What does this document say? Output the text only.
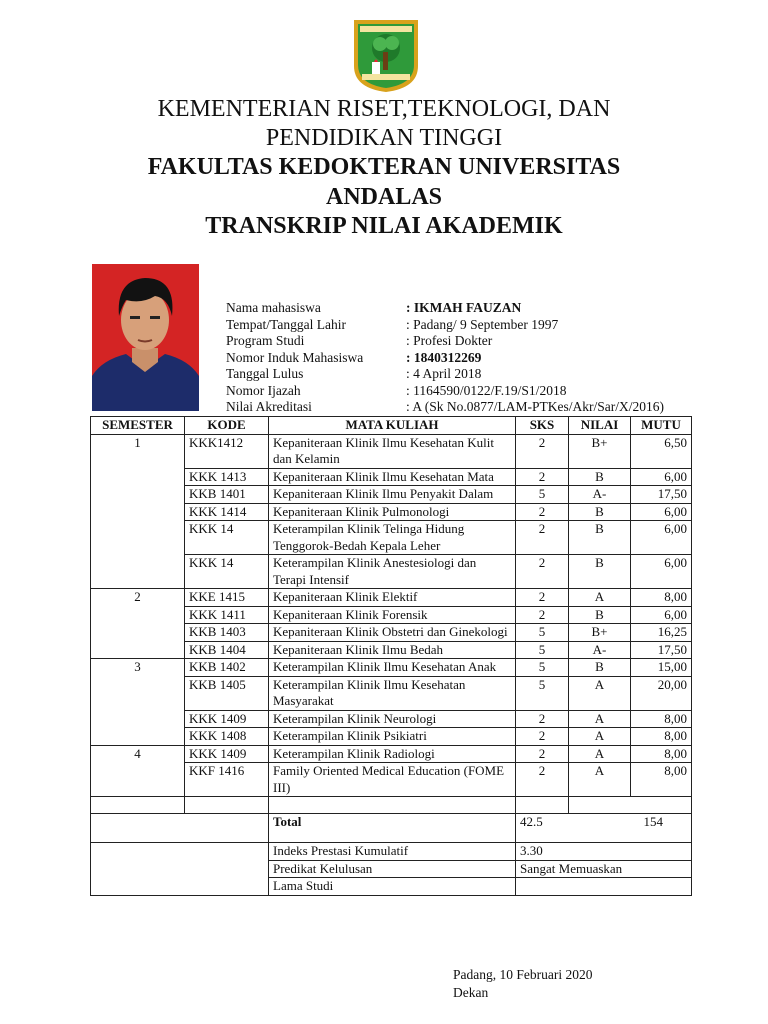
KEMENTERIAN RISET,TEKNOLOGI, DAN
PENDIDIKAN TINGGI
FAKULTAS KEDOKTERAN UNIVERSITAS
ANDALAS
TRANSKRIP NILAI AKADEMIK
Nama mahasiswa	: IKMAH FAUZAN
Tempat/Tanggal Lahir	: Padang/ 9 September 1997
Program Studi	: Profesi Dokter
Nomor Induk Mahasiswa	: 1840312269
Tanggal Lulus	: 4 April 2018
Nomor Ijazah	: 1164590/0122/F.19/S1/2018
Nilai Akreditasi	: A (Sk No.0877/LAM-PTKes/Akr/Sar/X/2016)
SEMESTER	KODE	MATA KULIAH	SKS	NILAI	MUTU
1	KKK1412	Kepaniteraan Klinik Ilmu Kesehatan Kulit dan Kelamin	2	B+	6,50
	KKK 1413	Kepaniteraan Klinik Ilmu Kesehatan Mata	2	B	6,00
	KKB 1401	Kepaniteraan Klinik Ilmu Penyakit Dalam	5	A-	17,50
	KKK 1414	Kepaniteraan Klinik Pulmonologi	2	B	6,00
	KKK 14	Keterampilan Klinik Telinga Hidung Tenggorok-Bedah Kepala Leher	2	B	6,00
	KKK 14	Keterampilan Klinik Anestesiologi dan Terapi Intensif	2	B	6,00
2	KKE 1415	Kepaniteraan Klinik Elektif	2	A	8,00
	KKK 1411	Kepaniteraan Klinik Forensik	2	B	6,00
	KKB 1403	Kepaniteraan Klinik Obstetri dan Ginekologi	5	B+	16,25
	KKB 1404	Kepaniteraan Klinik Ilmu Bedah	5	A-	17,50
3	KKB 1402	Keterampilan Klinik Ilmu Kesehatan Anak	5	B	15,00
	KKB 1405	Keterampilan Klinik Ilmu Kesehatan Masyarakat	5	A	20,00
	KKK 1409	Keterampilan Klinik Neurologi	2	A	8,00
	KKK 1408	Keterampilan Klinik Psikiatri	2	A	8,00
4	KKK 1409	Keterampilan Klinik Radiologi	2	A	8,00
	KKF 1416	Family Oriented Medical Education (FOME III)	2	A	8,00

		Total	42.5 154		

		Indeks Prestasi Kumulatif	3.30		
		Predikat Kelulusan	Sangat Memuaskan		
		Lama Studi			
Padang, 10 Februari 2020
Dekan
